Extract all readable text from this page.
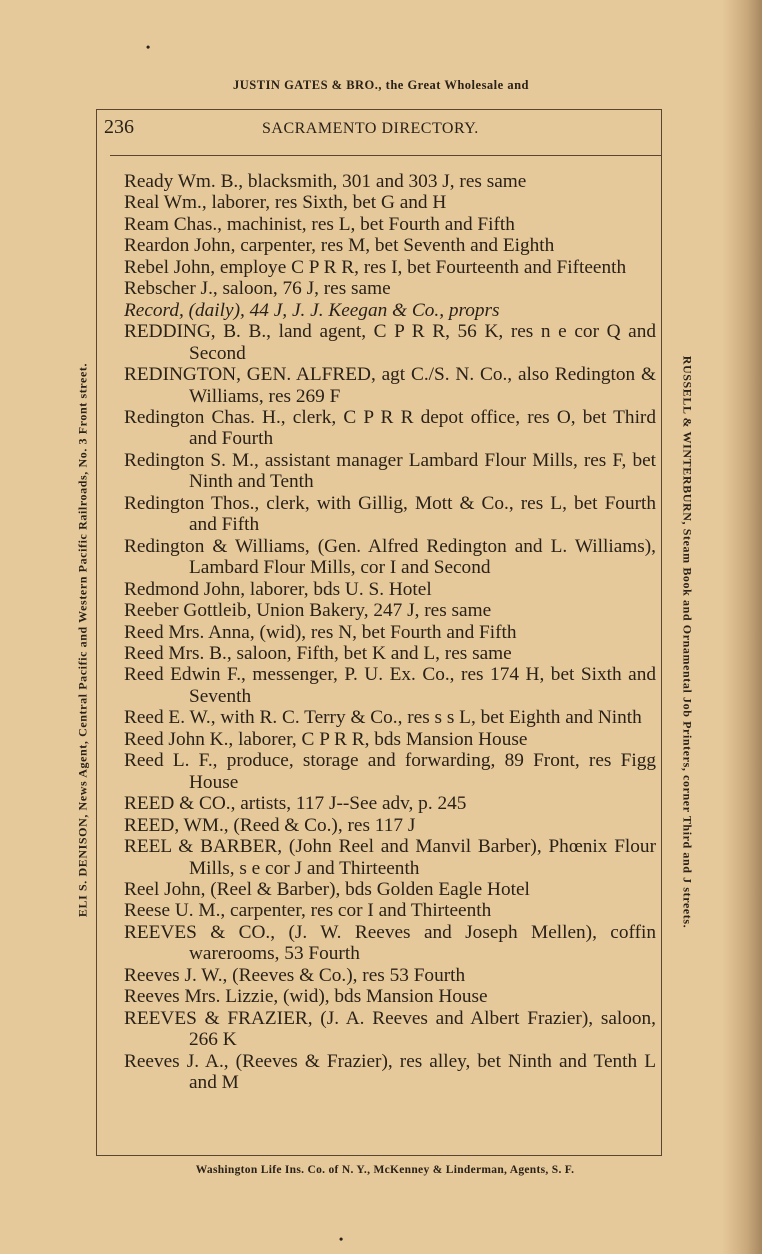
•
•
JUSTIN GATES & BRO., the Great Wholesale and
ELI S. DENISON, News Agent, Central Pacific and Western Pacific Railroads, No. 3 Front street.	RUSSELL & WINTERBURN, Steam Book and Ornamental Job Printers, corner Third and J streets.
236	SACRAMENTO DIRECTORY.
Ready Wm. B., blacksmith, 301 and 303 J, res same
Real Wm., laborer, res Sixth, bet G and H
Ream Chas., machinist, res L, bet Fourth and Fifth
Reardon John, carpenter, res M, bet Seventh and Eighth
Rebel John, employe C P R R, res I, bet Fourteenth and Fifteenth
Rebscher J., saloon, 76 J, res same
Record, (daily), 44 J, J. J. Keegan & Co., proprs
REDDING, B. B., land agent, C P R R, 56 K, res n e cor Q and Second
REDINGTON, GEN. ALFRED, agt C./S. N. Co., also Redington & Williams, res 269 F
Redington Chas. H., clerk, C P R R depot office, res O, bet Third and Fourth
Redington S. M., assistant manager Lambard Flour Mills, res F, bet Ninth and Tenth
Redington Thos., clerk, with Gillig, Mott & Co., res L, bet Fourth and Fifth
Redington & Williams, (Gen. Alfred Redington and L. Williams), Lambard Flour Mills, cor I and Second
Redmond John, laborer, bds U. S. Hotel
Reeber Gottleib, Union Bakery, 247 J, res same
Reed Mrs. Anna, (wid), res N, bet Fourth and Fifth
Reed Mrs. B., saloon, Fifth, bet K and L, res same
Reed Edwin F., messenger, P. U. Ex. Co., res 174 H, bet Sixth and Seventh
Reed E. W., with R. C. Terry & Co., res s s L, bet Eighth and Ninth
Reed John K., laborer, C P R R, bds Mansion House
Reed L. F., produce, storage and forwarding, 89 Front, res Figg House
REED & CO., artists, 117 J--See adv, p. 245
REED, WM., (Reed & Co.), res 117 J
REEL & BARBER, (John Reel and Manvil Barber), Phœnix Flour Mills, s e cor J and Thirteenth
Reel John, (Reel & Barber), bds Golden Eagle Hotel
Reese U. M., carpenter, res cor I and Thirteenth
REEVES & CO., (J. W. Reeves and Joseph Mellen), coffin warerooms, 53 Fourth
Reeves J. W., (Reeves & Co.), res 53 Fourth
Reeves Mrs. Lizzie, (wid), bds Mansion House
REEVES & FRAZIER, (J. A. Reeves and Albert Frazier), saloon, 266 K
Reeves J. A., (Reeves & Frazier), res alley, bet Ninth and Tenth L and M
Washington Life Ins. Co. of N. Y., McKenney & Linderman, Agents, S. F.
